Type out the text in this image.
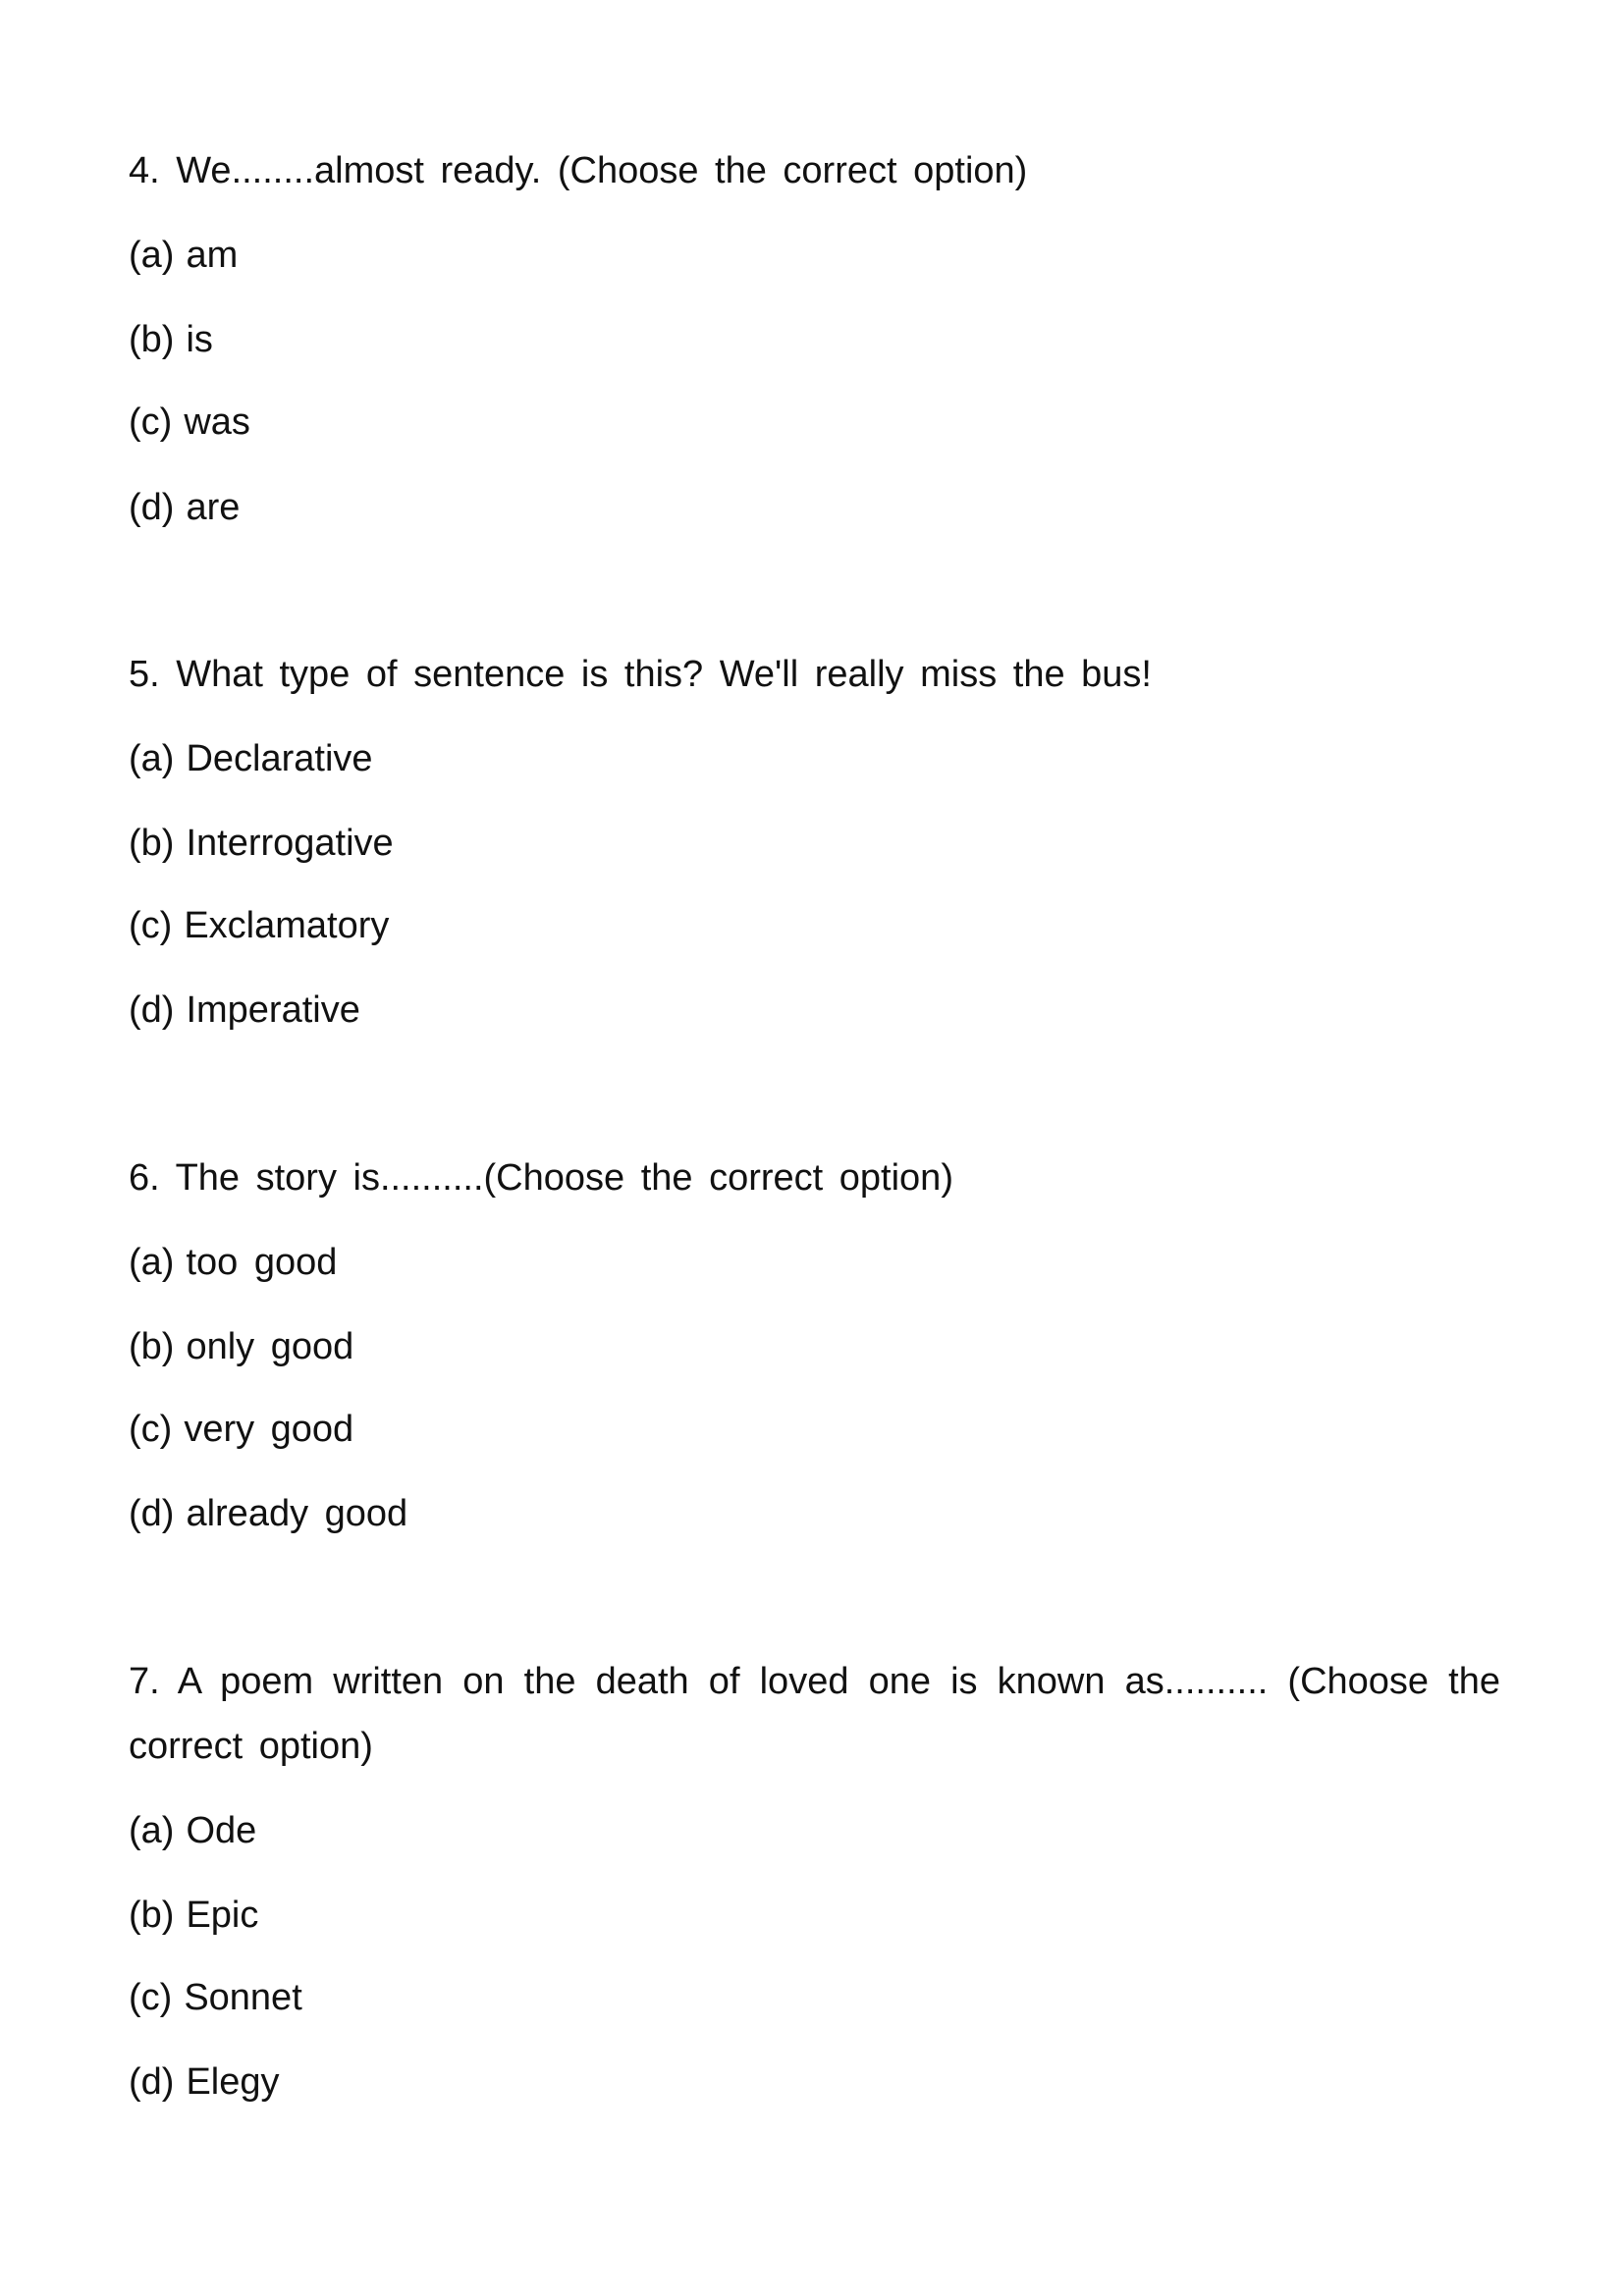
4. We........almost ready. (Choose the correct option)
(a) am
(b) is
(c) was
(d) are
5. What type of sentence is this? We'll really miss the bus!
(a) Declarative
(b) Interrogative
(c) Exclamatory
(d) Imperative
6. The story is..........(Choose the correct option)
(a) too good
(b) only good
(c) very good
(d) already good
7. A poem written on the death of loved one is known as.......... (Choose the correct option)
(a) Ode
(b) Epic
(c) Sonnet
(d) Elegy
